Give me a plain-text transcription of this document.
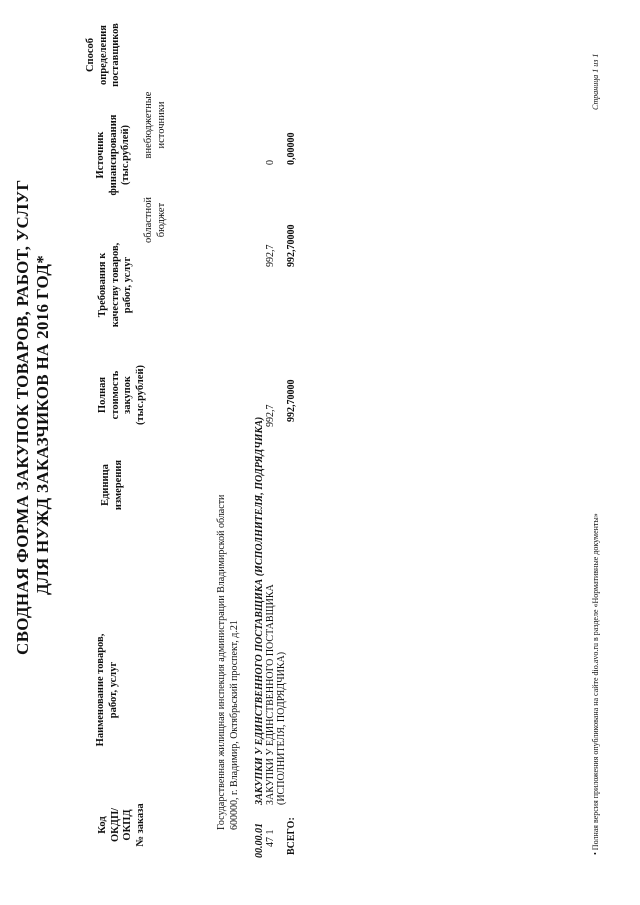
СВОДНАЯ ФОРМА ЗАКУПОК ТОВАРОВ, РАБОТ, УСЛУГ ДЛЯ НУЖД ЗАКАЗЧИКОВ НА 2016 ГОД*
Код ОКДП/ ОКПД № заказа
Наименование товаров, работ, услуг
Единица измерения
Полная стоимость закупок (тыс.рублей)
Требования к качеству товаров, работ, услуг
Источник финансирования (тыс.рублей)
областной бюджет
внебюджетные источники
Способ определения поставщиков
Государственная жилищная инспекция администрации Владимирской области 600000, г. Владимир, Октябрьский проспект, д.21
00.00.01
ЗАКУПКИ У ЕДИНСТВЕННОГО ПОСТАВЩИКА (ИСПОЛНИТЕЛЯ, ПОДРЯДЧИКА)
47 1
ЗАКУПКИ У ЕДИНСТВЕННОГО ПОСТАВЩИКА (ИСПОЛНИТЕЛЯ, ПОДРЯДЧИКА)
992,7
992,7
0
ВСЕГО:
992,70000
992,70000
0,00000
• Полная версия приложения опубликована на сайте dio.avo.ru в разделе «Нормативные документы»
Страница 1 из 1
